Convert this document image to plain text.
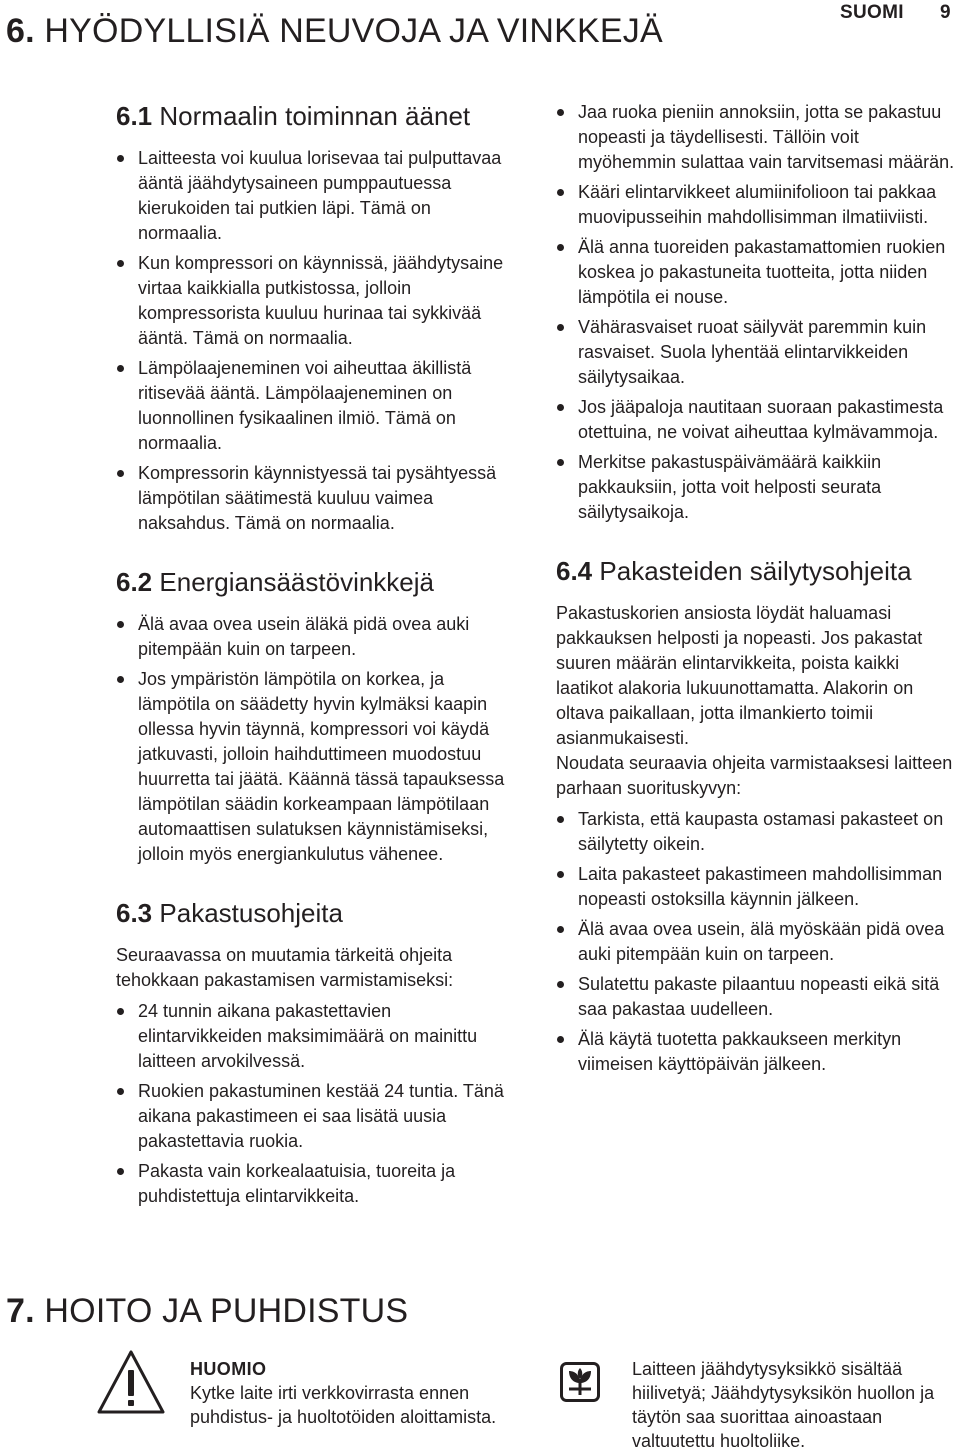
SUOMI 9
6. HYÖDYLLISIÄ NEUVOJA JA VINKKEJÄ
6.1 Normaalin toiminnan äänet
Laitteesta voi kuulua lorisevaa tai pulputtavaa ääntä jäähdytysaineen pumppautuessa kierukoiden tai putkien läpi. Tämä on normaalia.
Kun kompressori on käynnissä, jäähdytysaine virtaa kaikkialla putkistossa, jolloin kompressorista kuuluu hurinaa tai sykkivää ääntä. Tämä on normaalia.
Lämpölaajeneminen voi aiheuttaa äkillistä ritisevää ääntä. Lämpölaajeneminen on luonnollinen fysikaalinen ilmiö. Tämä on normaalia.
Kompressorin käynnistyessä tai pysähtyessä lämpötilan säätimestä kuuluu vaimea naksahdus. Tämä on normaalia.
6.2 Energiansäästövinkkejä
Älä avaa ovea usein äläkä pidä ovea auki pitempään kuin on tarpeen.
Jos ympäristön lämpötila on korkea, ja lämpötila on säädetty hyvin kylmäksi kaapin ollessa hyvin täynnä, kompressori voi käydä jatkuvasti, jolloin haihduttimeen muodostuu huurretta tai jäätä. Käännä tässä tapauksessa lämpötilan säädin korkeampaan lämpötilaan automaattisen sulatuksen käynnistämiseksi, jolloin myös energiankulutus vähenee.
6.3 Pakastusohjeita

Seuraavassa on muutamia tärkeitä ohjeita tehokkaan pakastamisen varmistamiseksi:

24 tunnin aikana pakastettavien elintarvikkeiden maksimimäärä on mainittu laitteen arvokilvessä.
Ruokien pakastuminen kestää 24 tuntia. Tänä aikana pakastimeen ei saa lisätä uusia pakastettavia ruokia.
Pakasta vain korkealaatuisia, tuoreita ja puhdistettuja elintarvikkeita.
Jaa ruoka pieniin annoksiin, jotta se pakastuu nopeasti ja täydellisesti. Tällöin voit myöhemmin sulattaa vain tarvitsemasi määrän.
Kääri elintarvikkeet alumiinifolioon tai pakkaa muovipusseihin mahdollisimman ilmatiiviisti.
Älä anna tuoreiden pakastamattomien ruokien koskea jo pakastuneita tuotteita, jotta niiden lämpötila ei nouse.
Vähärasvaiset ruoat säilyvät paremmin kuin rasvaiset. Suola lyhentää elintarvikkeiden säilytysaikaa.
Jos jääpaloja nautitaan suoraan pakastimesta otettuina, ne voivat aiheuttaa kylmävammoja.
Merkitse pakastuspäivämäärä kaikkiin pakkauksiin, jotta voit helposti seurata säilytysaikoja.
6.4 Pakasteiden säilytysohjeita

Pakastuskorien ansiosta löydät haluamasi pakkauksen helposti ja nopeasti. Jos pakastat suuren määrän elintarvikkeita, poista kaikki laatikot alakoria lukuunottamatta. Alakorin on oltava paikallaan, jotta ilmankierto toimii asianmukaisesti.

Noudata seuraavia ohjeita varmistaaksesi laitteen parhaan suorituskyvyn:

Tarkista, että kaupasta ostamasi pakasteet on säilytetty oikein.
Laita pakasteet pakastimeen mahdollisimman nopeasti ostoksilla käynnin jälkeen.
Älä avaa ovea usein, älä myöskään pidä ovea auki pitempään kuin on tarpeen.
Sulatettu pakaste pilaantuu nopeasti eikä sitä saa pakastaa uudelleen.
Älä käytä tuotetta pakkaukseen merkityn viimeisen käyttöpäivän jälkeen.
7. HOITO JA PUHDISTUS
HUOMIO
Kytke laite irti verkkovirrasta ennen puhdistus- ja huoltotöiden aloittamista.
Laitteen jäähdytysyksikkö sisältää hiilivetyä; Jäähdytysyksikön huollon ja täytön saa suorittaa ainoastaan valtuutettu huoltoliike.
